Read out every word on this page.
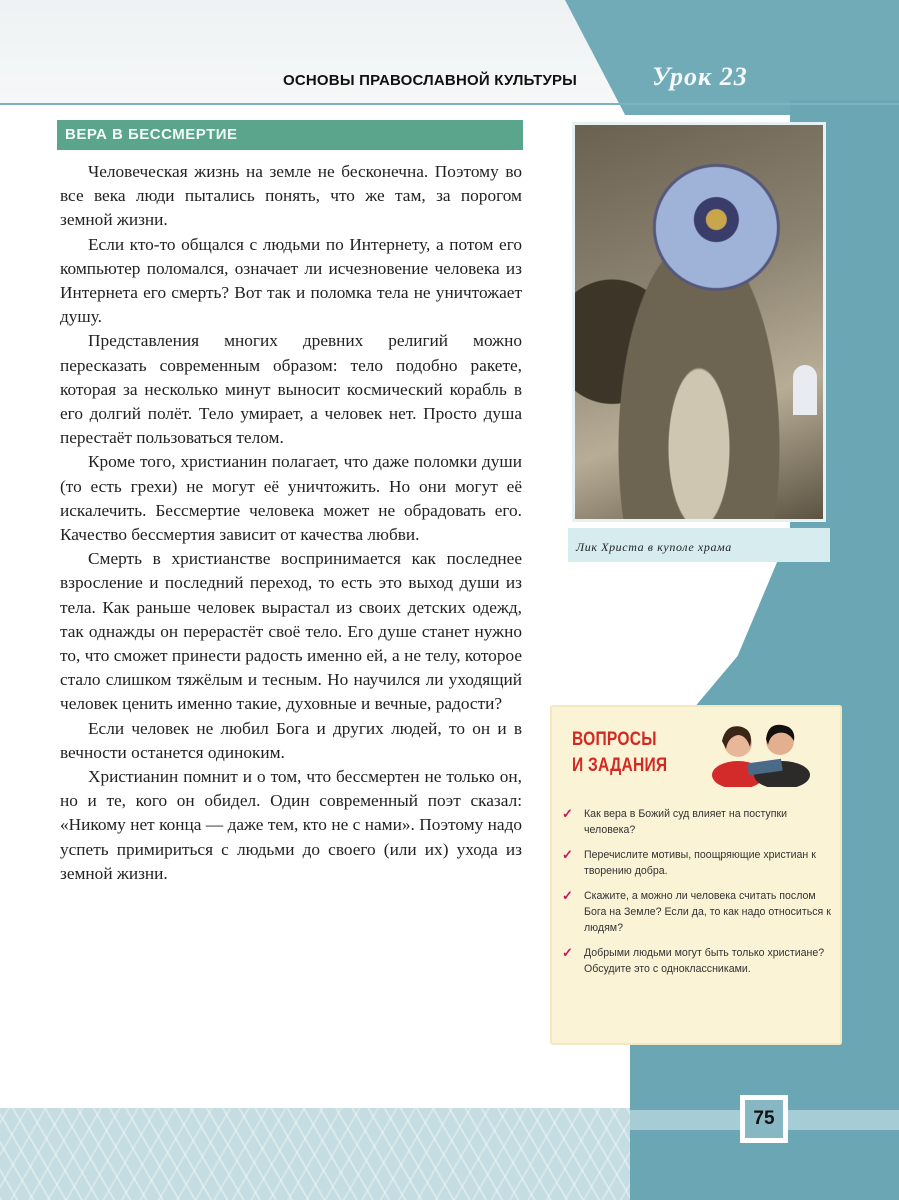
ОСНОВЫ ПРАВОСЛАВНОЙ КУЛЬТУРЫ	Урок 23
ВЕРА В БЕССМЕРТИЕ

Человеческая жизнь на земле не бесконечна. Поэтому во все века люди пытались понять, что же там, за порогом земной жизни.

Если кто-то общался с людьми по Интернету, а потом его компьютер поломался, означает ли исчезновение человека из Интернета его смерть? Вот так и поломка тела не уничтожает душу.

Представления многих древних религий можно пересказать современным образом: тело подобно ракете, которая за несколько минут выносит космический корабль в его долгий полёт. Тело умирает, а человек нет. Просто душа перестаёт пользоваться телом.

Кроме того, христианин полагает, что даже поломки души (то есть грехи) не могут её уничтожить. Но они могут её искалечить. Бессмертие человека может не обрадовать его. Качество бессмертия зависит от качества любви.

Смерть в христианстве воспринимается как последнее взросление и последний переход, то есть это выход души из тела. Как раньше человек вырастал из своих детских одежд, так однажды он перерастёт своё тело. Его душе станет нужно то, что сможет принести радость именно ей, а не телу, которое стало слишком тяжёлым и тесным. Но научился ли уходящий человек ценить именно такие, духовные и вечные, радости?

Если человек не любил Бога и других людей, то он и в вечности останется одиноким.

Христианин помнит и о том, что бессмертен не только он, но и те, кого он обидел. Один современный поэт сказал: «Никому нет конца — даже тем, кто не с нами». Поэтому надо успеть примириться с людьми до своего (или их) ухода из земной жизни.

Лик Христа в куполе храма
ВОПРОСЫ
И ЗАДАНИЯ
✓ Как вера в Божий суд влияет на поступки человека?
✓ Перечислите мотивы, поощряющие христиан к творению добра.
✓ Скажите, а можно ли человека считать послом Бога на Земле? Если да, то как надо относиться к людям?
✓ Добрыми людьми могут быть только христиане? Обсудите это с одноклассниками.
75
